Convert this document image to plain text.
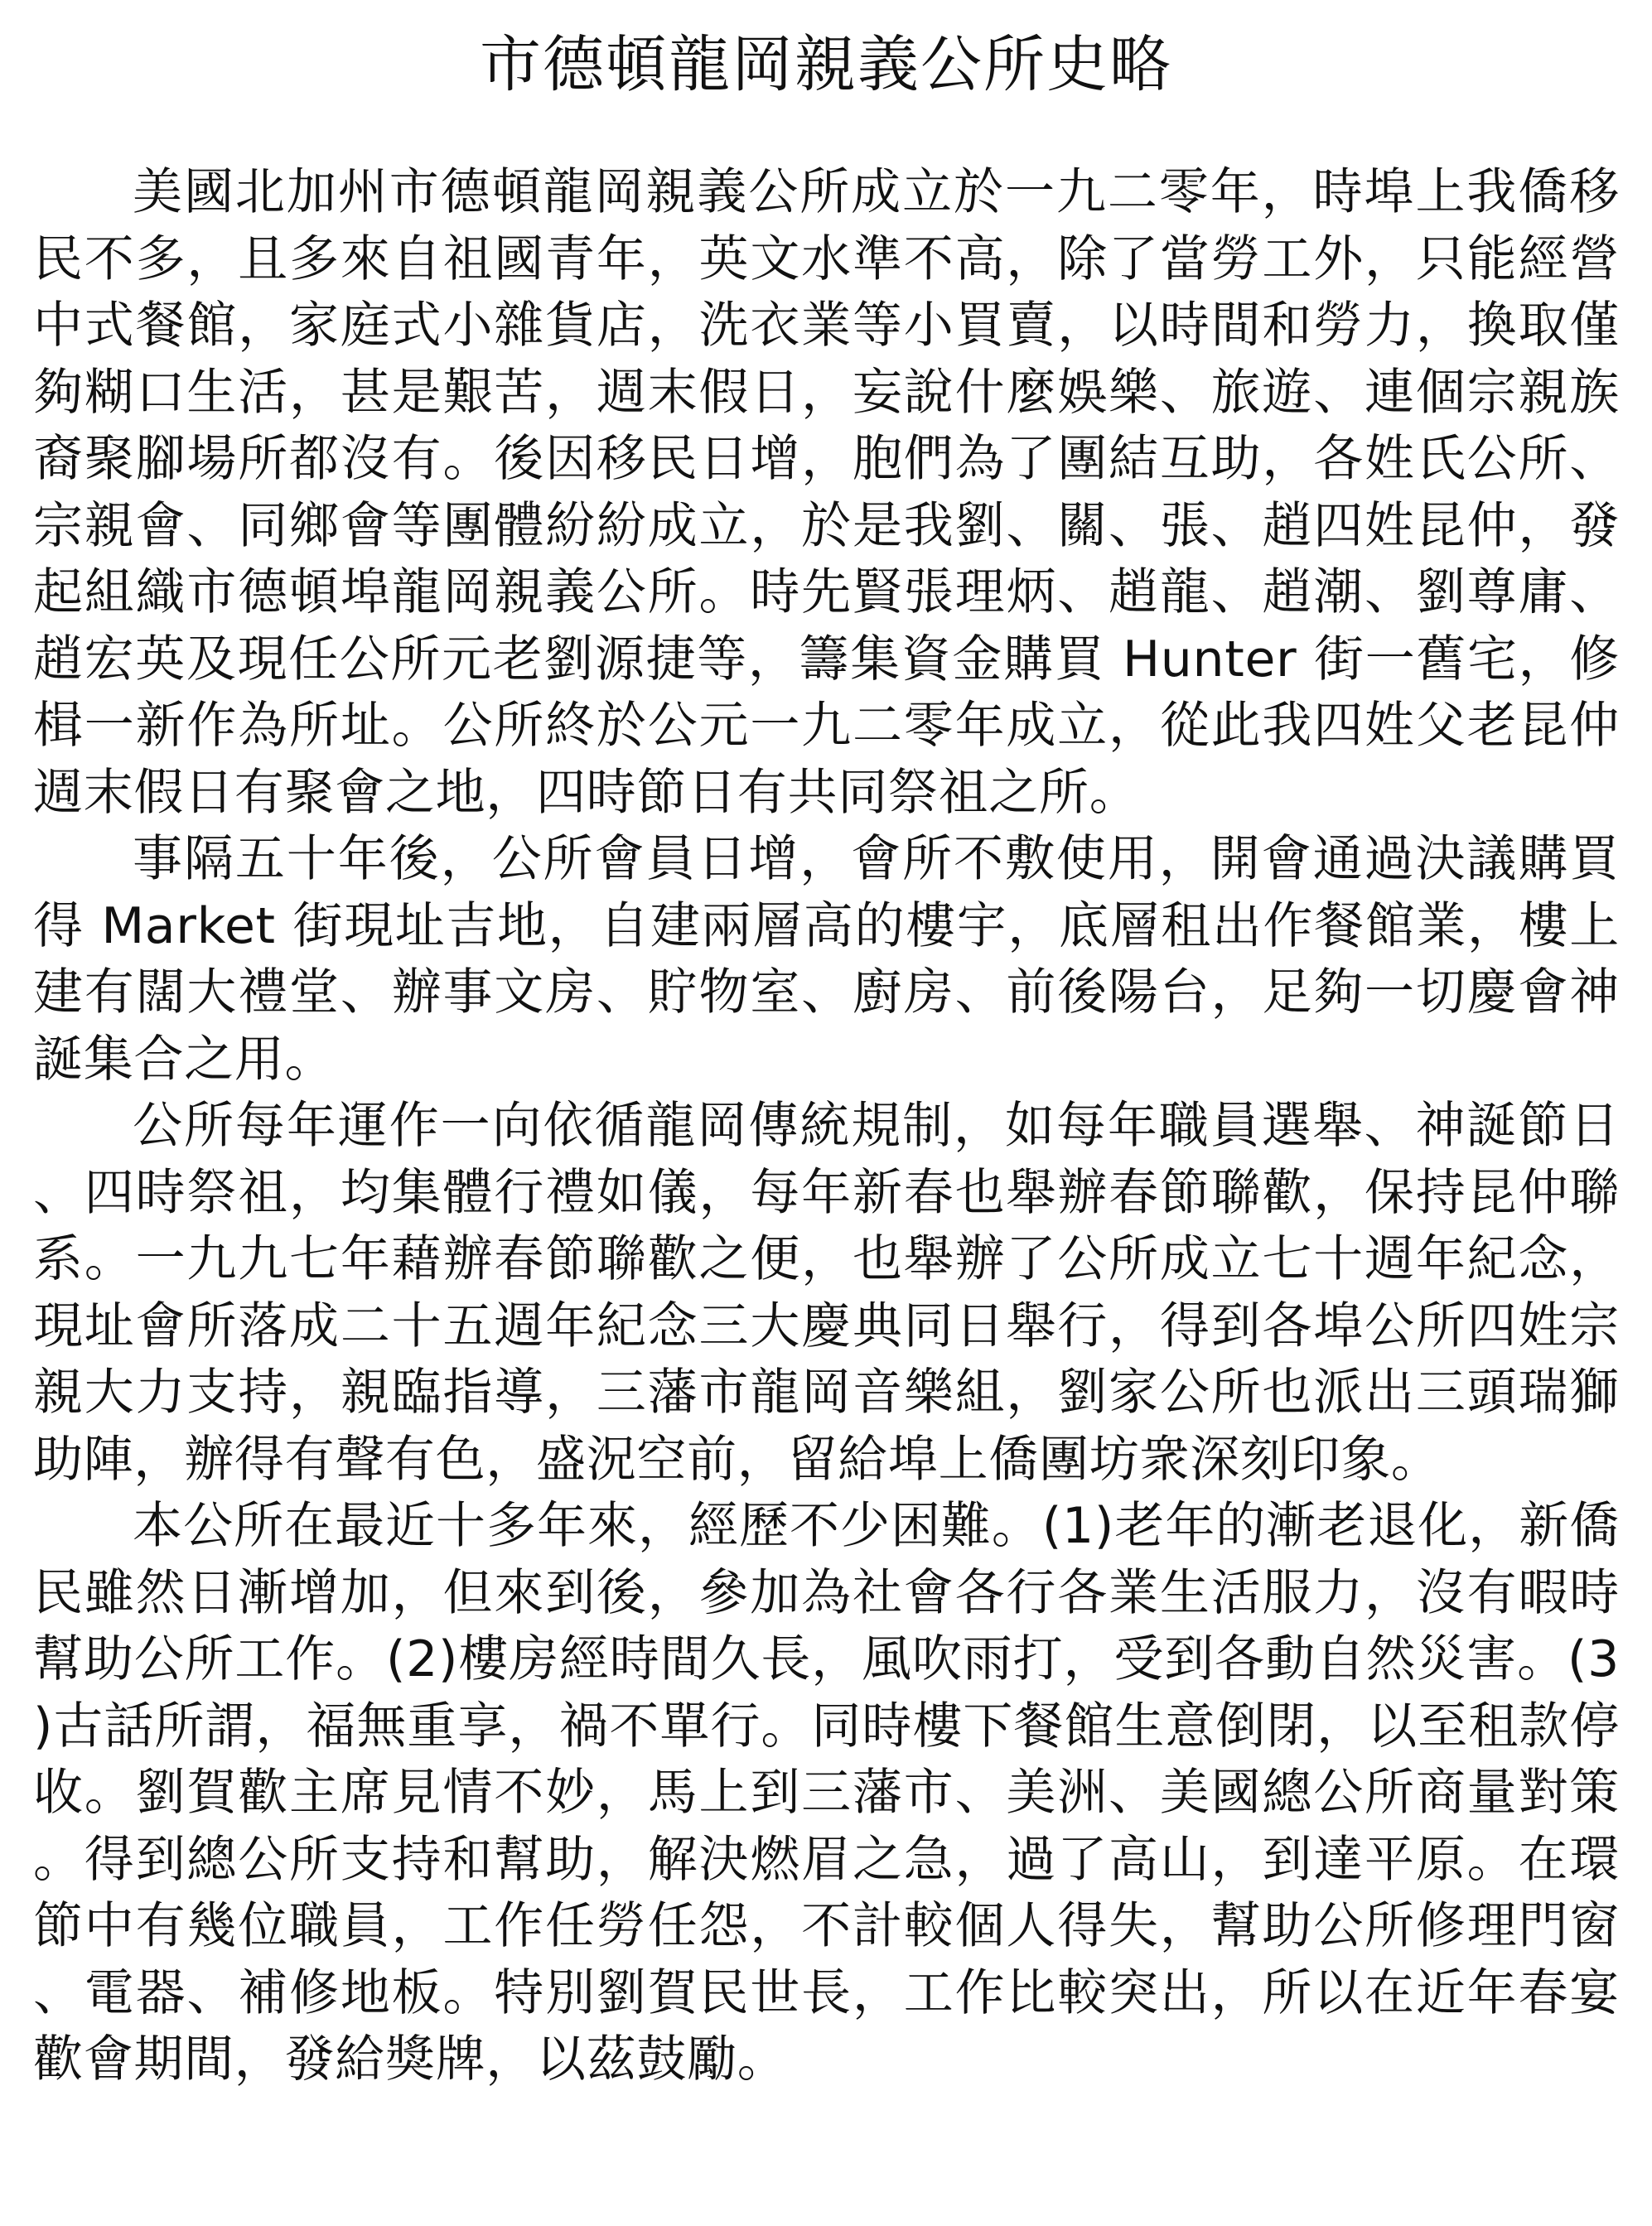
市德頓龍岡親義公所史略

美國北加州市德頓龍岡親義公所成立於一九二零年，時埠上我僑移民不多，且多來自祖國青年，英文水準不高，除了當勞工外，只能經營中式餐館，家庭式小雜貨店，洗衣業等小買賣，以時間和勞力，換取僅夠糊口生活，甚是艱苦，週末假日，妄說什麼娛樂、旅遊、連個宗親族裔聚腳場所都沒有。後因移民日增，胞們為了團結互助，各姓氏公所、宗親會、同鄉會等團體紛紛成立，於是我劉、關、張、趙四姓昆仲，發起組織市德頓埠龍岡親義公所。時先賢張理炳、趙龍、趙潮、劉尊庸、趙宏英及現任公所元老劉源捷等，籌集資金購買 Hunter 街一舊宅，修楫一新作為所址。公所終於公元一九二零年成立，從此我四姓父老昆仲週末假日有聚會之地，四時節日有共同祭祖之所。

事隔五十年後，公所會員日增，會所不敷使用，開會通過決議購買得 Market 街現址吉地，自建兩層高的樓宇，底層租出作餐館業，樓上建有闊大禮堂、辦事文房、貯物室、廚房、前後陽台，足夠一切慶會神誕集合之用。

公所每年運作一向依循龍岡傳統規制，如每年職員選舉、神誕節日、四時祭祖，均集體行禮如儀，每年新春也舉辦春節聯歡，保持昆仲聯系。一九九七年藉辦春節聯歡之便，也舉辦了公所成立七十週年紀念，現址會所落成二十五週年紀念三大慶典同日舉行，得到各埠公所四姓宗親大力支持，親臨指導，三藩市龍岡音樂組，劉家公所也派出三頭瑞獅助陣，辦得有聲有色，盛況空前，留給埠上僑團坊衆深刻印象。

本公所在最近十多年來，經歷不少困難。(1)老年的漸老退化，新僑民雖然日漸增加，但來到後，參加為社會各行各業生活服力，沒有暇時幫助公所工作。(2)樓房經時間久長，風吹雨打，受到各動自然災害。(3)古話所謂，福無重享，禍不單行。同時樓下餐館生意倒閉，以至租款停收。劉賀歡主席見情不妙，馬上到三藩市、美洲、美國總公所商量對策。得到總公所支持和幫助，解決燃眉之急，過了高山，到達平原。在環節中有幾位職員，工作任勞任怨，不計較個人得失，幫助公所修理門窗、電器、補修地板。特別劉賀民世長，工作比較突出，所以在近年春宴歡會期間，發給獎牌，以茲鼓勵。
